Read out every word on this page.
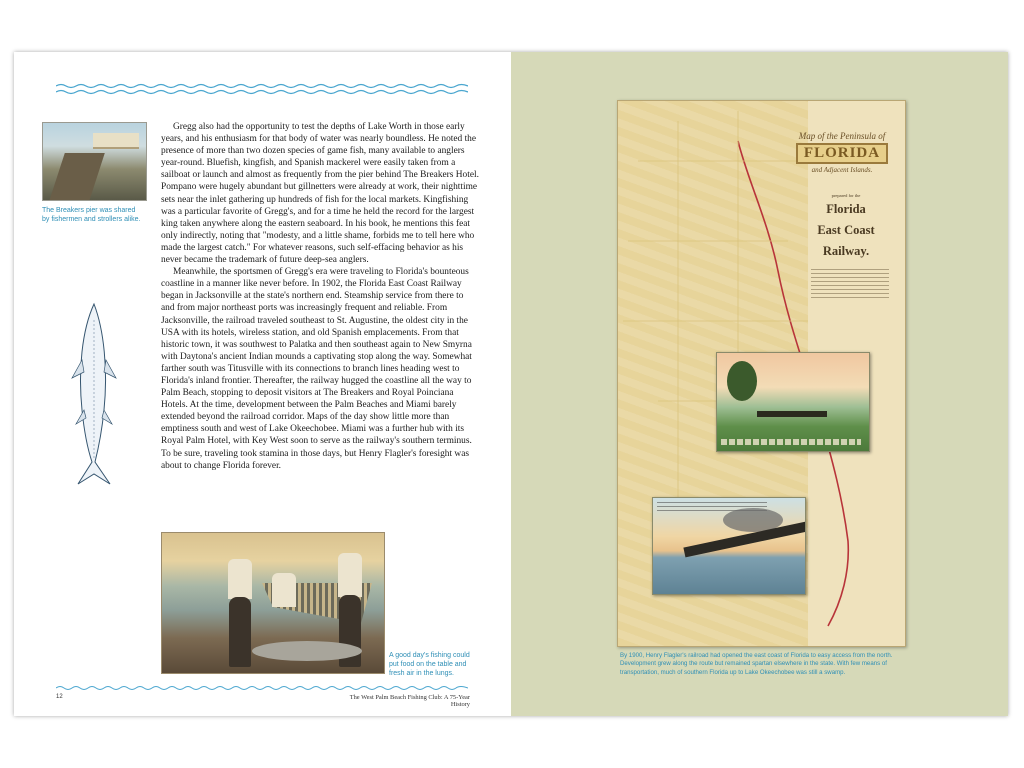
The Breakers pier was shared by fishermen and strollers alike.

Gregg also had the opportunity to test the depths of Lake Worth in those early years, and his enthusiasm for that body of water was nearly boundless. He noted the presence of more than two dozen species of game fish, many available to anglers year-round. Bluefish, kingfish, and Spanish mackerel were easily taken from a sailboat or launch and almost as frequently from the pier behind The Breakers Hotel. Pompano were hugely abundant but gillnetters were already at work, their nighttime sets near the inlet gathering up hundreds of fish for the local markets. Kingfishing was a particular favorite of Gregg's, and for a time he held the record for the largest king taken anywhere along the eastern seaboard. In his book, he mentions this feat only indirectly, noting that "modesty, and a little shame, forbids me to tell here who made the largest catch." For whatever reasons, such self-effacing behavior as his never became the trademark of future deep-sea anglers.

Meanwhile, the sportsmen of Gregg's era were traveling to Florida's bounteous coastline in a manner like never before. In 1902, the Florida East Coast Railway began in Jacksonville at the state's northern end. Steamship service from there to and from major northeast ports was increasingly frequent and reliable. From Jacksonville, the railroad traveled southeast to St. Augustine, the oldest city in the USA with its hotels, wireless station, and old Spanish emplacements. From that historic town, it was southwest to Palatka and then southeast again to New Smyrna with Daytona's ancient Indian mounds a captivating stop along the way. Somewhat farther south was Titusville with its connections to branch lines heading west to Florida's inland frontier. Thereafter, the railway hugged the coastline all the way to Palm Beach, stopping to deposit visitors at The Breakers and Royal Poinciana Hotels. At the time, development between the Palm Beaches and Miami barely extended beyond the railroad corridor. Maps of the day show little more than emptiness south and west of Lake Okeechobee. Miami was a further hub with its Royal Palm Hotel, with Key West soon to serve as the railway's southern terminus. To be sure, traveling took stamina in those days, but Henry Flagler's foresight was about to change Florida forever.

A good day's fishing could put food on the table and fresh air in the lungs.
12	The West Palm Beach Fishing Club: A 75-Year History
Map of the Peninsula of
FLORIDA
and Adjacent Islands.
prepared for the
Florida
East Coast
Railway.
By 1900, Henry Flagler's railroad had opened the east coast of Florida to easy access from the north. Development grew along the route but remained spartan elsewhere in the state. With few means of transportation, much of southern Florida up to Lake Okeechobee was still a swamp.
